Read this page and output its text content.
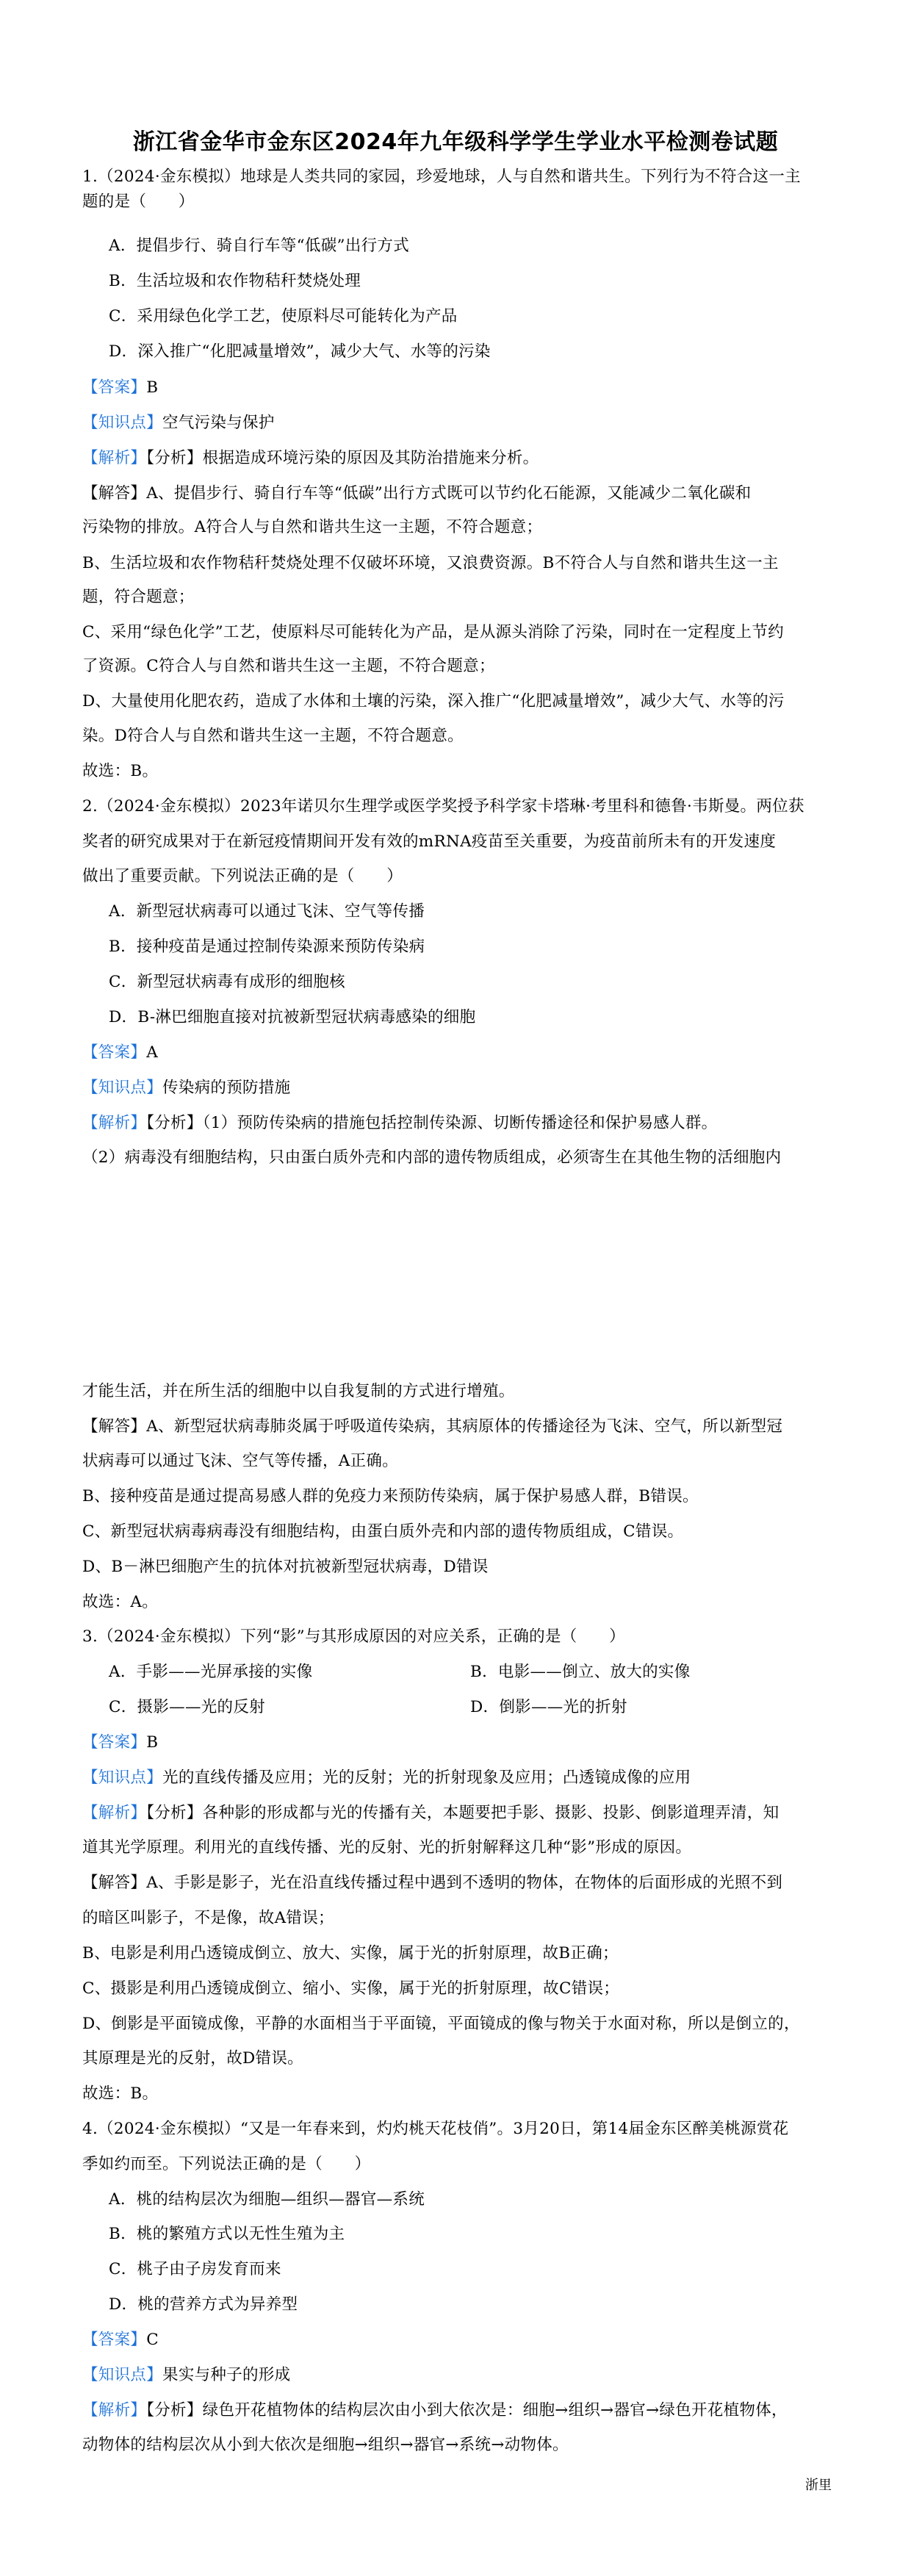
浙江省金华市金东区2024年九年级科学学生学业水平检测卷试题
1.（2024·金东模拟）地球是人类共同的家园，珍爱地球，人与自然和谐共生。下列行为不符合这一主
题的是（　　）
A．提倡步行、骑自行车等“低碳”出行方式
B．生活垃圾和农作物秸秆焚烧处理
C．采用绿色化学工艺，使原料尽可能转化为产品
D．深入推广“化肥减量增效”，减少大气、水等的污染
【答案】B
【知识点】空气污染与保护
【解析】【分析】根据造成环境污染的原因及其防治措施来分析。
【解答】A、提倡步行、骑自行车等“低碳”出行方式既可以节约化石能源，又能减少二氧化碳和
污染物的排放。A符合人与自然和谐共生这一主题，不符合题意；
B、生活垃圾和农作物秸秆焚烧处理不仅破坏环境，又浪费资源。B不符合人与自然和谐共生这一主
题，符合题意；
C、采用“绿色化学”工艺，使原料尽可能转化为产品，是从源头消除了污染，同时在一定程度上节约
了资源。C符合人与自然和谐共生这一主题，不符合题意；
D、大量使用化肥农药，造成了水体和土壤的污染，深入推广“化肥减量增效”，减少大气、水等的污
染。D符合人与自然和谐共生这一主题，不符合题意。
故选：B。
2.（2024·金东模拟）2023年诺贝尔生理学或医学奖授予科学家卡塔琳·考里科和德鲁·韦斯曼。两位获
奖者的研究成果对于在新冠疫情期间开发有效的mRNA疫苗至关重要，为疫苗前所未有的开发速度
做出了重要贡献。下列说法正确的是（　　）
A．新型冠状病毒可以通过飞沫、空气等传播
B．接种疫苗是通过控制传染源来预防传染病
C．新型冠状病毒有成形的细胞核
D．B-淋巴细胞直接对抗被新型冠状病毒感染的细胞
【答案】A
【知识点】传染病的预防措施
【解析】【分析】（1）预防传染病的措施包括控制传染源、切断传播途径和保护易感人群。
（2）病毒没有细胞结构，只由蛋白质外壳和内部的遗传物质组成，必须寄生在其他生物的活细胞内
才能生活，并在所生活的细胞中以自我复制的方式进行增殖。
【解答】A、新型冠状病毒肺炎属于呼吸道传染病，其病原体的传播途径为飞沫、空气，所以新型冠
状病毒可以通过飞沫、空气等传播，A正确。
B、接种疫苗是通过提高易感人群的免疫力来预防传染病，属于保护易感人群，B错误。
C、新型冠状病毒病毒没有细胞结构，由蛋白质外壳和内部的遗传物质组成，C错误。
D、B－淋巴细胞产生的抗体对抗被新型冠状病毒，D错误
故选：A。
3.（2024·金东模拟）下列“影”与其形成原因的对应关系，正确的是（　　）
A．手影——光屏承接的实像	B．电影——倒立、放大的实像
C．摄影——光的反射	D．倒影——光的折射
【答案】B
【知识点】光的直线传播及应用；光的反射；光的折射现象及应用；凸透镜成像的应用
【解析】【分析】各种影的形成都与光的传播有关，本题要把手影、摄影、投影、倒影道理弄清，知
道其光学原理。利用光的直线传播、光的反射、光的折射解释这几种“影”形成的原因。
【解答】A、手影是影子，光在沿直线传播过程中遇到不透明的物体，在物体的后面形成的光照不到
的暗区叫影子，不是像，故A错误；
B、电影是利用凸透镜成倒立、放大、实像，属于光的折射原理，故B正确；
C、摄影是利用凸透镜成倒立、缩小、实像，属于光的折射原理，故C错误；
D、倒影是平面镜成像，平静的水面相当于平面镜，平面镜成的像与物关于水面对称，所以是倒立的，
其原理是光的反射，故D错误。
故选：B。
4.（2024·金东模拟）“又是一年春来到，灼灼桃天花枝俏”。3月20日，第14届金东区醉美桃源赏花
季如约而至。下列说法正确的是（　　）
A．桃的结构层次为细胞—组织—器官—系统
B．桃的繁殖方式以无性生殖为主
C．桃子由子房发育而来
D．桃的营养方式为异养型
【答案】C
【知识点】果实与种子的形成
【解析】【分析】绿色开花植物体的结构层次由小到大依次是：细胞→组织→器官→绿色开花植物体，
动物体的结构层次从小到大依次是细胞→组织→器官→系统→动物体。
浙里
